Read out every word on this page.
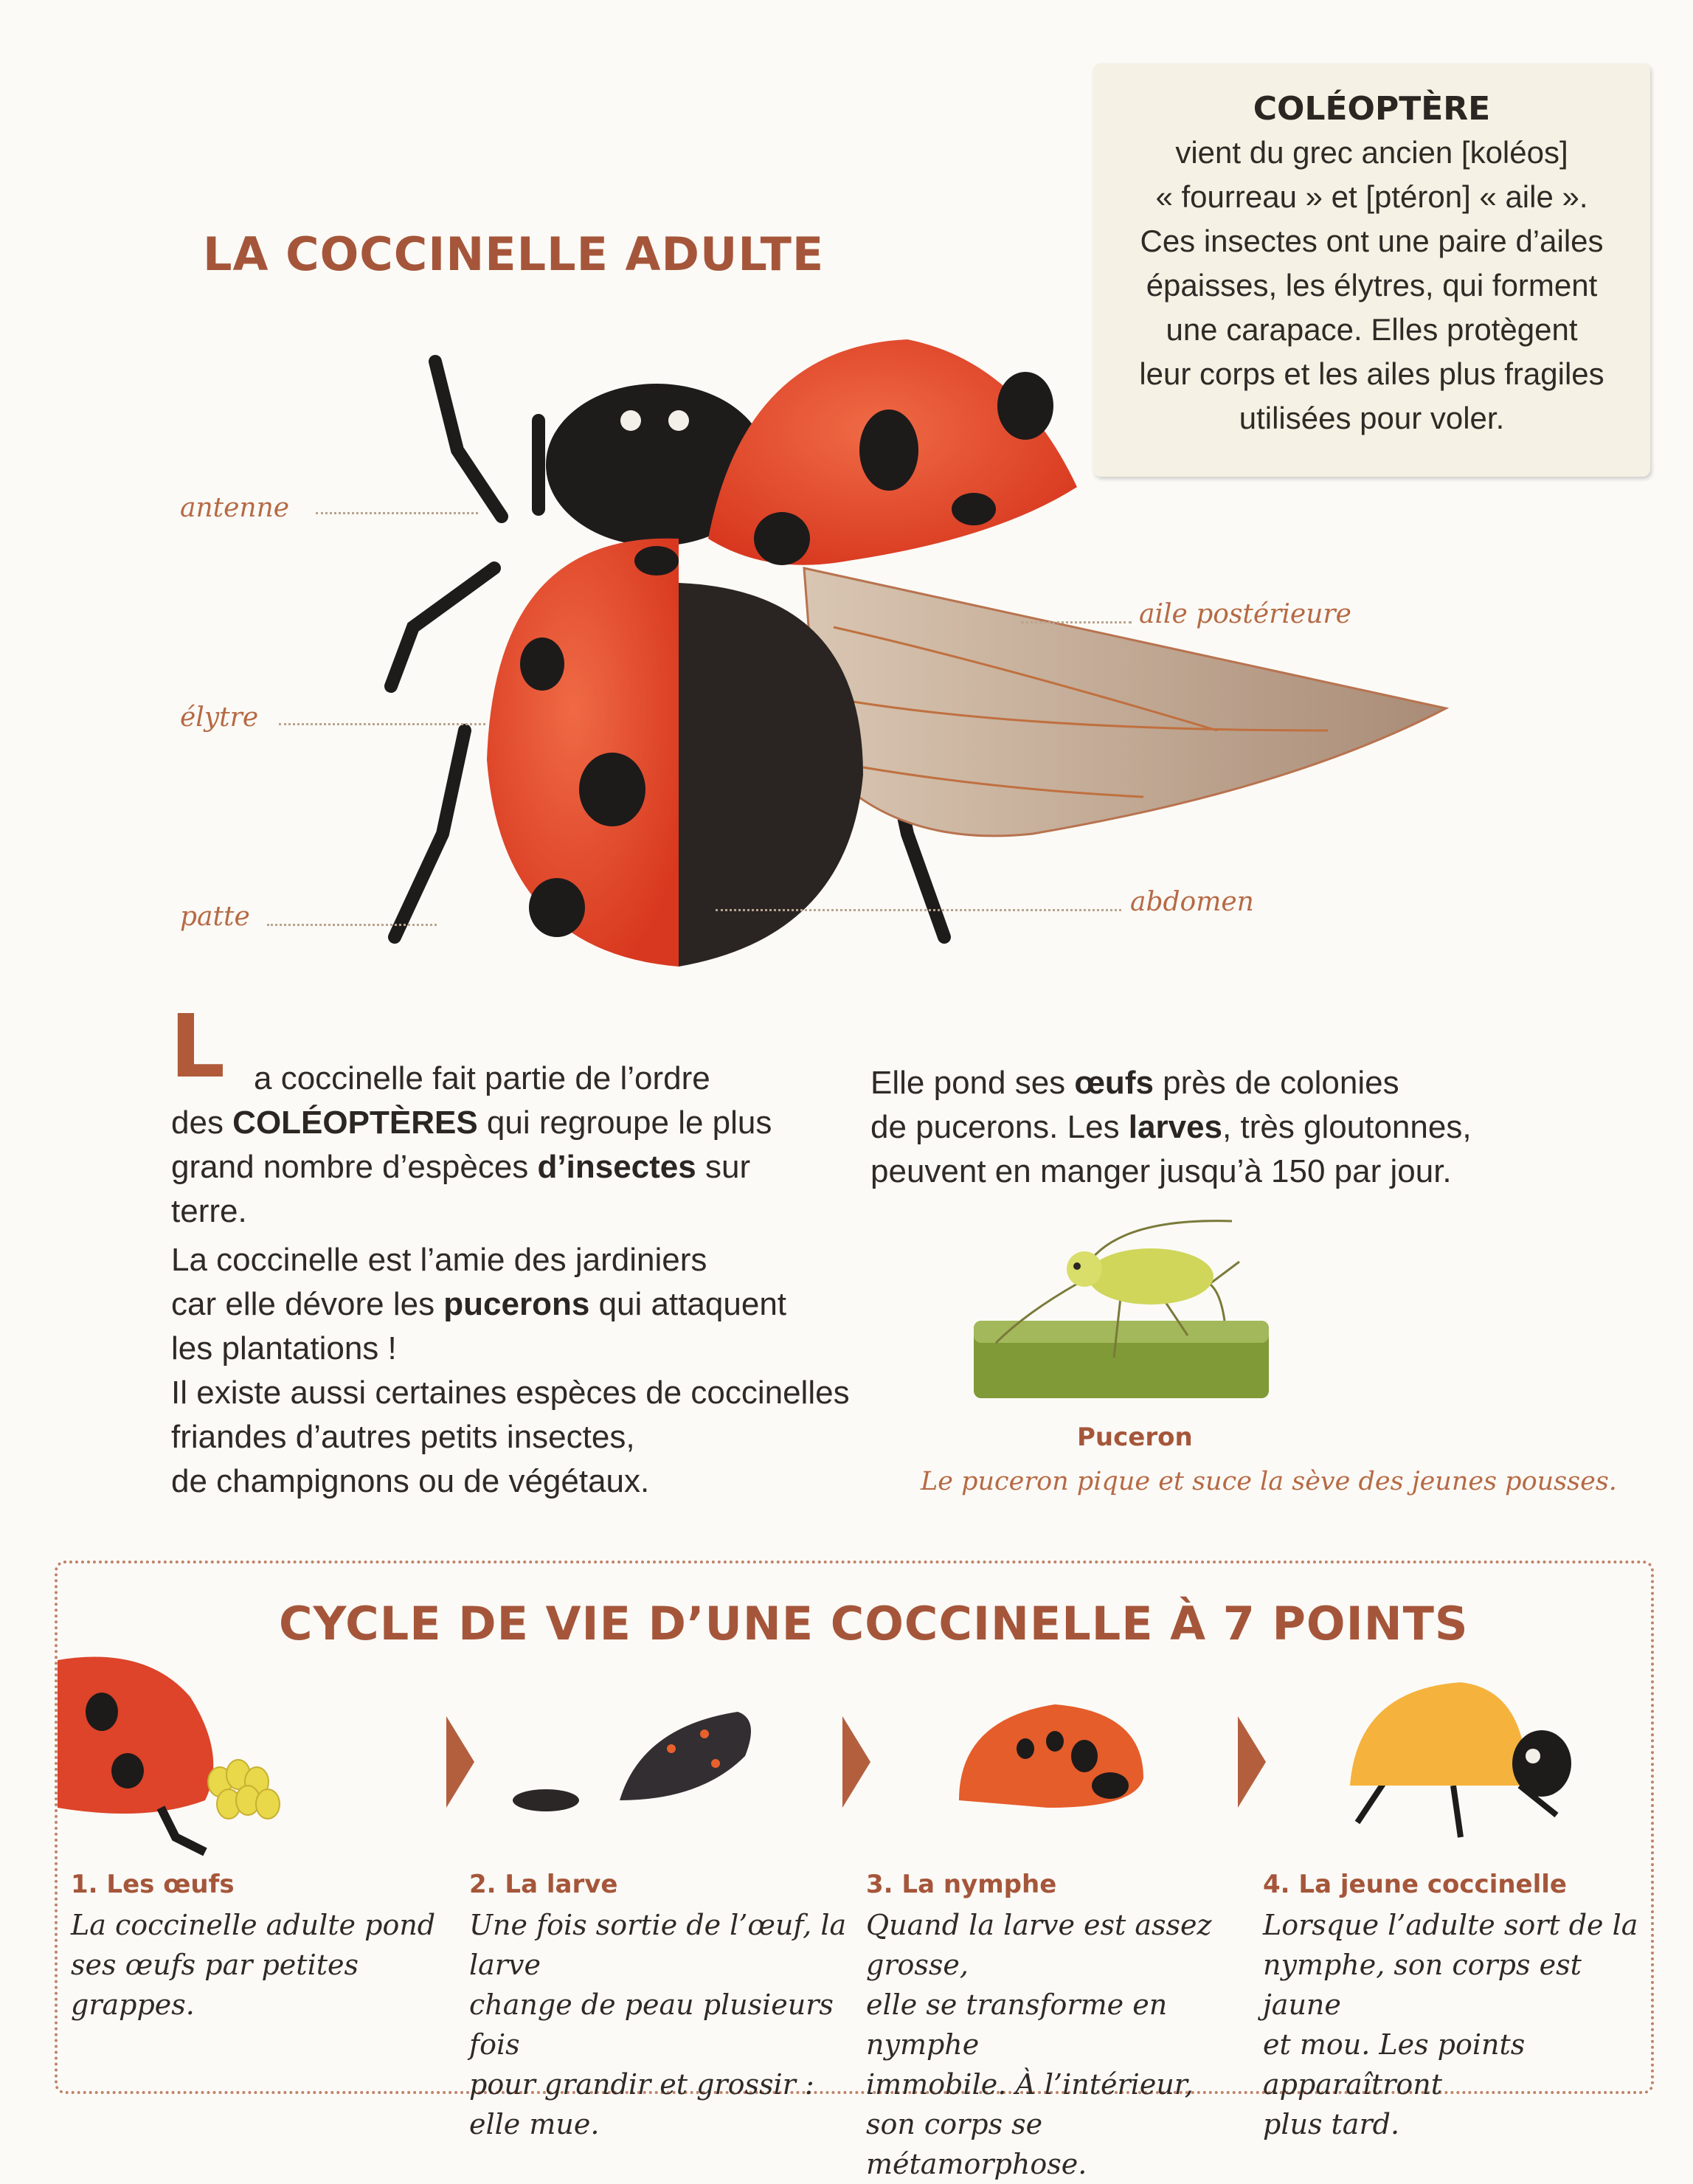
LA COCCINELLE ADULTE
COLÉOPTÈRE
vient du grec ancien [koléos]
« fourreau » et [ptéron] « aile ».
Ces insectes ont une paire d’ailes
épaisses, les élytres, qui forment
une carapace. Elles protègent
leur corps et les ailes plus fragiles
utilisées pour voler.
antenne
élytre
patte
aile postérieure
abdomen
L a coccinelle fait partie de l’ordre
des COLÉOPTÈRES qui regroupe le plus
grand nombre d’espèces d’insectes sur terre.
La coccinelle est l’amie des jardiniers
car elle dévore les pucerons qui attaquent
les plantations !
Il existe aussi certaines espèces de coccinelles
friandes d’autres petits insectes,
de champignons ou de végétaux.
Elle pond ses œufs près de colonies
de pucerons. Les larves, très gloutonnes,
peuvent en manger jusqu’à 150 par jour.
Puceron
Le puceron pique et suce la sève des jeunes pousses.
CYCLE DE VIE D’UNE COCCINELLE À 7 POINTS
1. Les œufs
La coccinelle adulte pond
ses œufs par petites grappes.
2. La larve
Une fois sortie de l’œuf, la larve
change de peau plusieurs fois
pour grandir et grossir : elle mue.
3. La nymphe
Quand la larve est assez grosse,
elle se transforme en nymphe
immobile. À l’intérieur,
son corps se métamorphose.
4. La jeune coccinelle
Lorsque l’adulte sort de la
nymphe, son corps est jaune
et mou. Les points apparaîtront
plus tard.
